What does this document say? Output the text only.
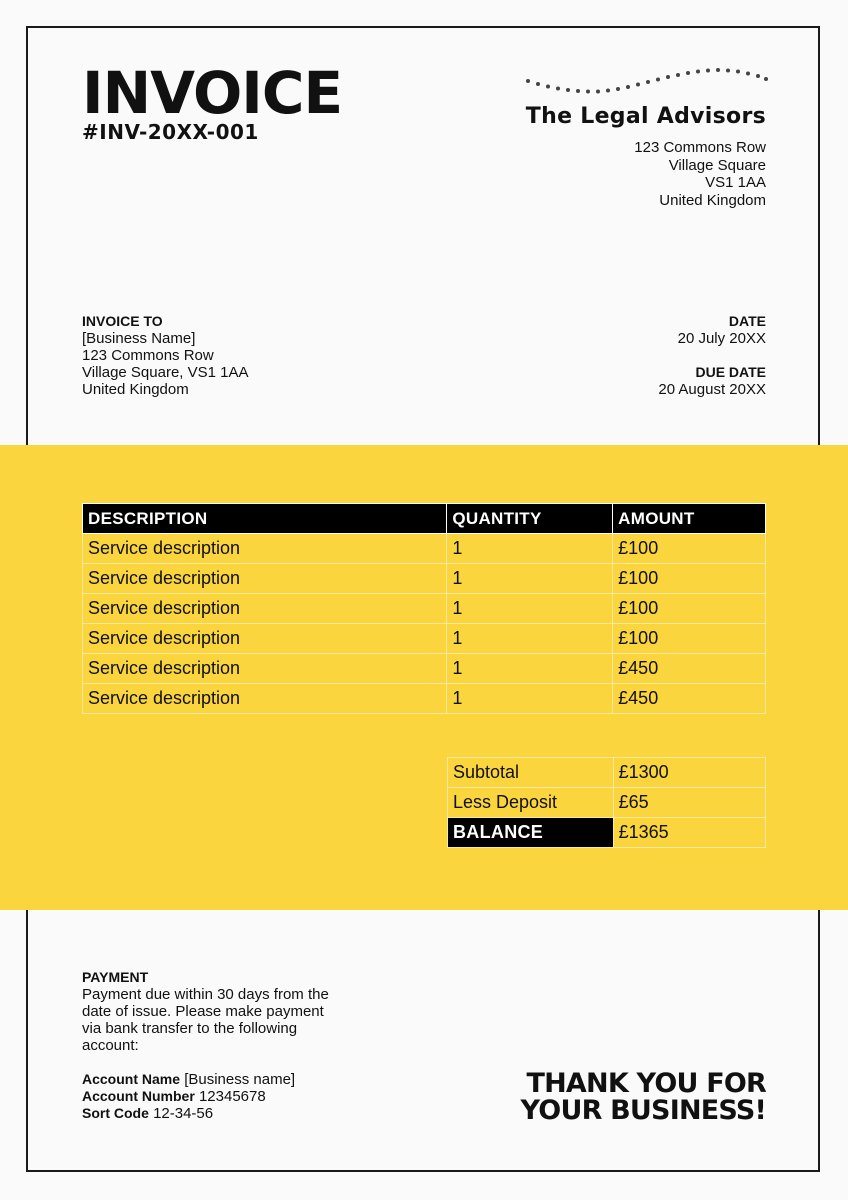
INVOICE
#INV-20XX-001
The Legal Advisors
123 Commons Row
Village Square
VS1 1AA
United Kingdom
INVOICE TO
[Business Name]
123 Commons Row
Village Square, VS1 1AA
United Kingdom
DATE
20 July 20XX
DUE DATE
20 August 20XX
DESCRIPTION	QUANTITY	AMOUNT
Service description	1	£100
Service description	1	£100
Service description	1	£100
Service description	1	£100
Service description	1	£450
Service description	1	£450
Subtotal	£1300
Less Deposit	£65
BALANCE	£1365
PAYMENT
Payment due within 30 days from the date of issue. Please make payment via bank transfer to the following account:
Account Name [Business name]
Account Number 12345678
Sort Code 12-34-56
THANK YOU FOR
YOUR BUSINESS!
